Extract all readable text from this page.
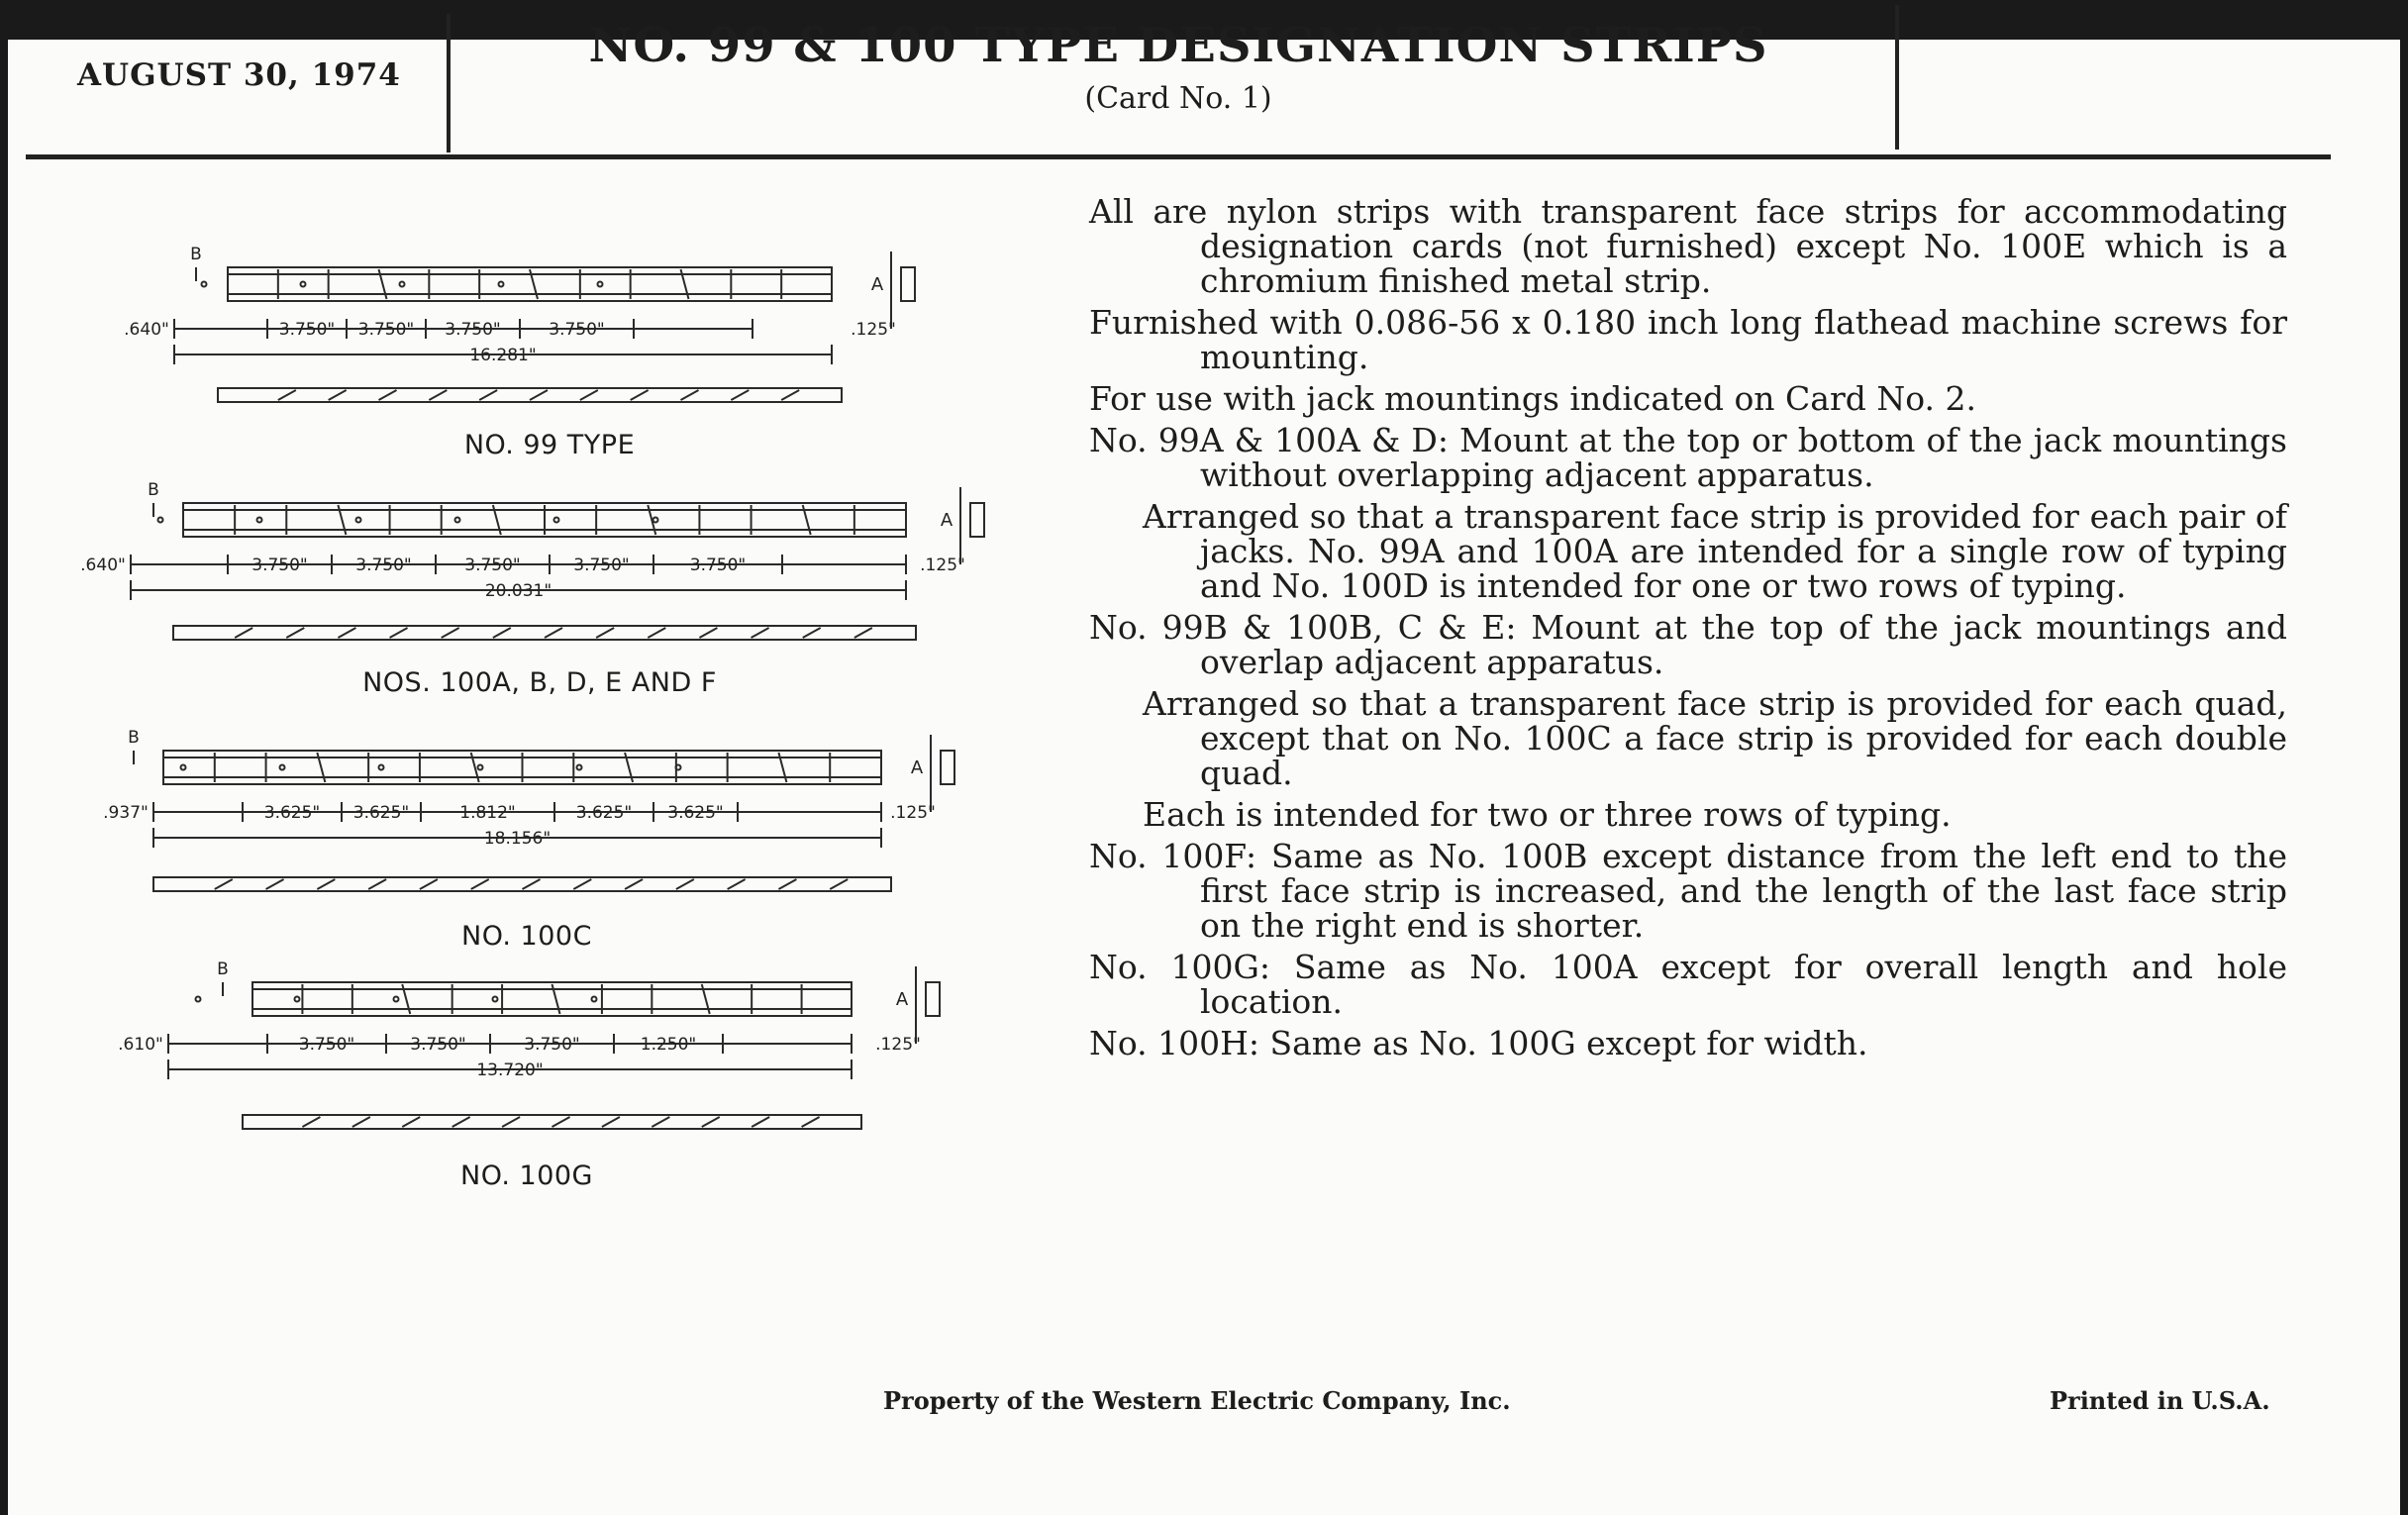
AUGUST 30, 1974
NO. 99 & 100 TYPE DESIGNATION STRIPS
(Card No. 1)
B
A
.640"	3.750" 3.750" 3.750"	3.750"	.125"
16.281"
B
A
.640"	3.750"	3.750"	3.750"	3.750"	3.750"	.125"
20.031"
B
A
.937"	3.625" 3.625"	1.812"	3.625" 3.625"	.125"
18.156"
B
A
.610"	3.750"	3.750"	3.750"	1.250"	.125"
13.720"
NO. 99 TYPE
NOS. 100A, B, D, E AND F
NO. 100C
NO. 100G

All are nylon strips with transparent face strips for accommodating designation cards (not furnished) except No. 100E which is a chromium finished metal strip.

Furnished with 0.086-56 x 0.180 inch long flathead machine screws for mounting.

For use with jack mountings indicated on Card No. 2.

No. 99A & 100A & D: Mount at the top or bottom of the jack mountings without overlapping adjacent apparatus.

Arranged so that a transparent face strip is provided for each pair of jacks. No. 99A and 100A are intended for a single row of typing and No. 100D is intended for one or two rows of typing.

No. 99B & 100B, C & E: Mount at the top of the jack mountings and overlap adjacent apparatus.

Arranged so that a transparent face strip is provided for each quad, except that on No. 100C a face strip is provided for each double quad.

Each is intended for two or three rows of typing.

No. 100F: Same as No. 100B except distance from the left end to the first face strip is increased, and the length of the last face strip on the right end is shorter.

No. 100G: Same as No. 100A except for overall length and hole location.

No. 100H: Same as No. 100G except for width.

Property of the Western Electric Company, Inc.	Printed in U.S.A.
